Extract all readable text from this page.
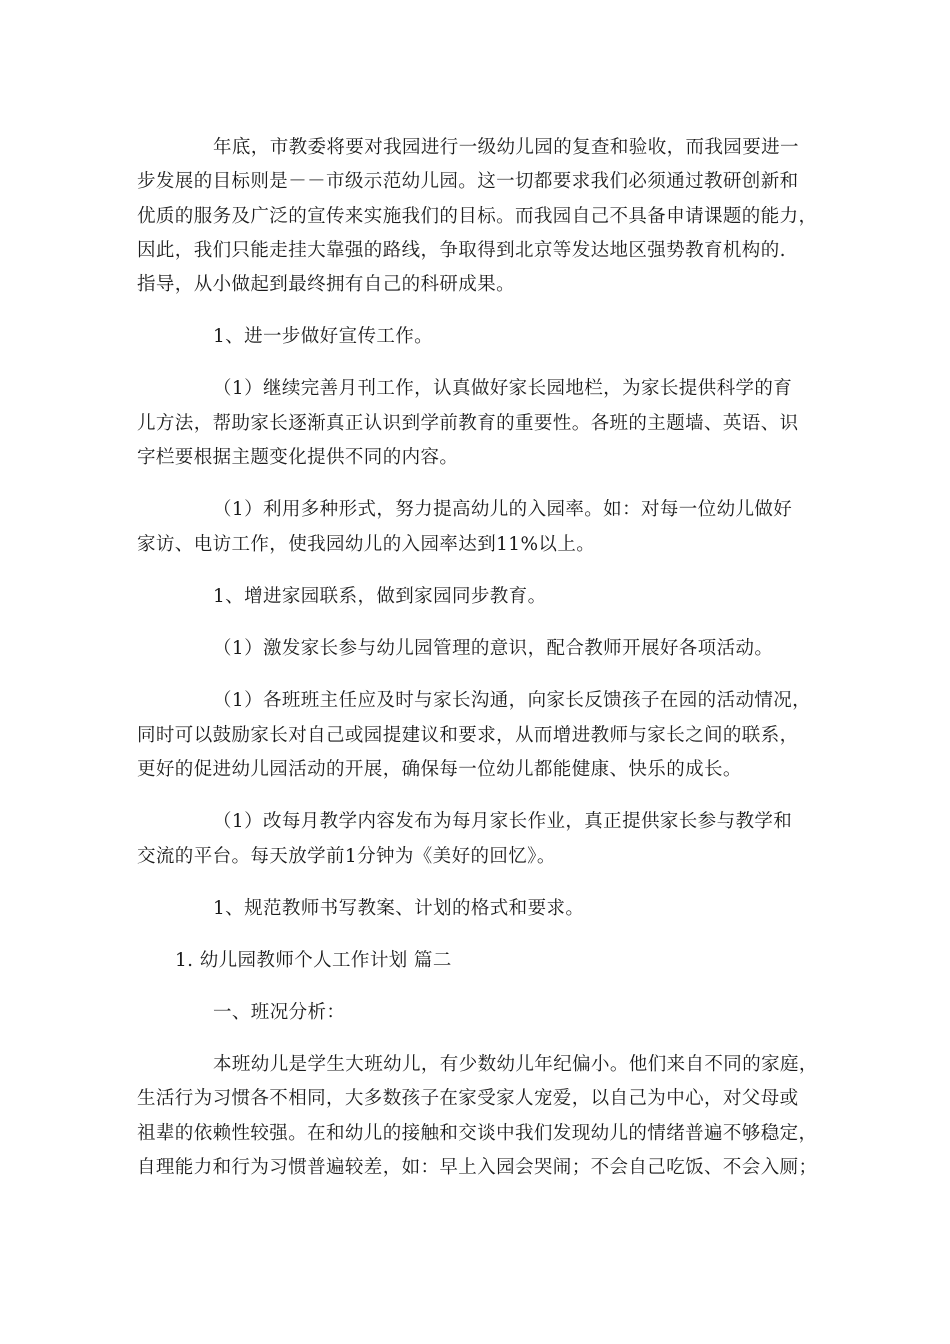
年底，市教委将要对我园进行一级幼儿园的复查和验收，而我园要进一

步发展的目标则是－－市级示范幼儿园。这一切都要求我们必须通过教研创新和

优质的服务及广泛的宣传来实施我们的目标。而我园自己不具备申请课题的能力，

因此，我们只能走挂大靠强的路线，争取得到北京等发达地区强势教育机构的.

指导，从小做起到最终拥有自己的科研成果。

1、进一步做好宣传工作。

（1）继续完善月刊工作，认真做好家长园地栏，为家长提供科学的育

儿方法，帮助家长逐渐真正认识到学前教育的重要性。各班的主题墙、英语、识

字栏要根据主题变化提供不同的内容。

（1）利用多种形式，努力提高幼儿的入园率。如：对每一位幼儿做好

家访、电访工作，使我园幼儿的入园率达到11%以上。

1、增进家园联系，做到家园同步教育。

（1）激发家长参与幼儿园管理的意识，配合教师开展好各项活动。

（1）各班班主任应及时与家长沟通，向家长反馈孩子在园的活动情况，

同时可以鼓励家长对自己或园提建议和要求，从而增进教师与家长之间的联系，

更好的促进幼儿园活动的开展，确保每一位幼儿都能健康、快乐的成长。

（1）改每月教学内容发布为每月家长作业，真正提供家长参与教学和

交流的平台。每天放学前1分钟为《美好的回忆》。

1、规范教师书写教案、计划的格式和要求。

1. 幼儿园教师个人工作计划 篇二

一、班况分析：

本班幼儿是学生大班幼儿，有少数幼儿年纪偏小。他们来自不同的家庭，

生活行为习惯各不相同，大多数孩子在家受家人宠爱，以自己为中心，对父母或

祖辈的依赖性较强。在和幼儿的接触和交谈中我们发现幼儿的情绪普遍不够稳定，

自理能力和行为习惯普遍较差，如：早上入园会哭闹；不会自己吃饭、不会入厕；
